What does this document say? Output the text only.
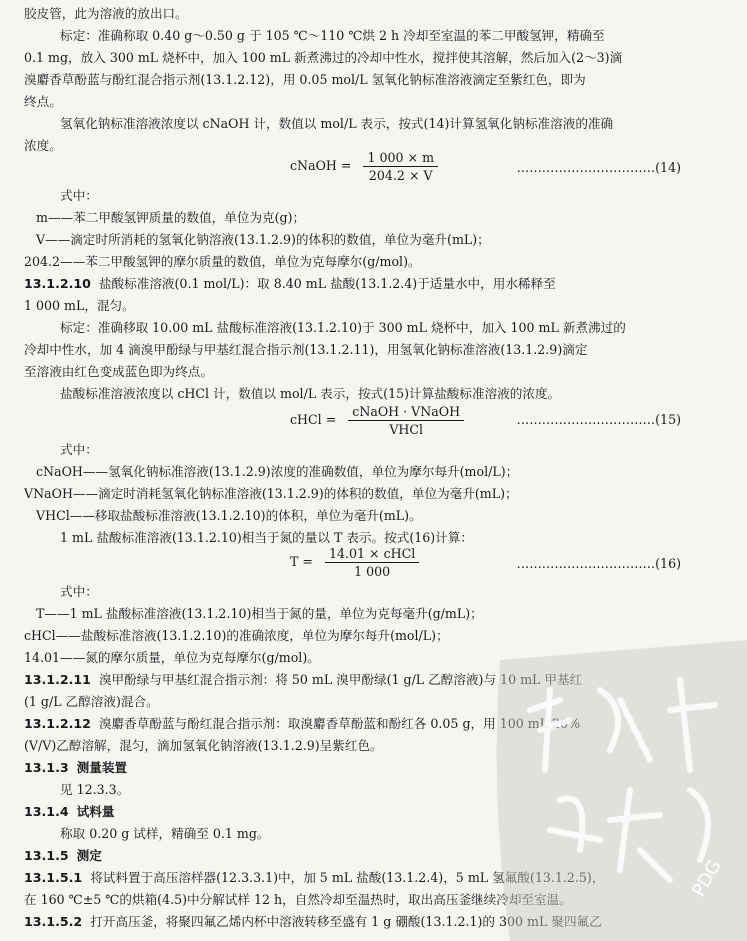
胶皮管，此为溶液的放出口。
标定：准确称取 0.40 g～0.50 g 于 105 ℃～110 ℃烘 2 h 冷却至室温的苯二甲酸氢钾，精确至
0.1 mg，放入 300 mL 烧杯中，加入 100 mL 新煮沸过的冷却中性水，搅拌使其溶解，然后加入(2～3)滴
溴麝香草酚蓝与酚红混合指示剂(13.1.2.12)，用 0.05 mol/L 氢氧化钠标准溶液滴定至紫红色，即为
终点。
氢氧化钠标准溶液浓度以 cNaOH 计，数值以 mol/L 表示，按式(14)计算氢氧化钠标准溶液的准确
浓度。
cNaOH = $\frac{1 000 \times m}{204.2 \times V}$	……………………………(14)
式中：
m——苯二甲酸氢钾质量的数值，单位为克(g)；
V——滴定时所消耗的氢氧化钠溶液(13.1.2.9)的体积的数值，单位为毫升(mL)；
204.2——苯二甲酸氢钾的摩尔质量的数值，单位为克每摩尔(g/mol)。
13.1.2.10 盐酸标准溶液(0.1 mol/L)：取 8.40 mL 盐酸(13.1.2.4)于适量水中，用水稀释至
1 000 mL，混匀。
标定：准确移取 10.00 mL 盐酸标准溶液(13.1.2.10)于 300 mL 烧杯中，加入 100 mL 新煮沸过的
冷却中性水，加 4 滴溴甲酚绿与甲基红混合指示剂(13.1.2.11)，用氢氧化钠标准溶液(13.1.2.9)滴定
至溶液由红色变成蓝色即为终点。
盐酸标准溶液浓度以 cHCl 计，数值以 mol/L 表示，按式(15)计算盐酸标准溶液的浓度。
cHCl = $\frac{\text{cNaOH · VNaOH}}{\text{VHCl}}$	……………………………(15)
式中：
cNaOH——氢氧化钠标准溶液(13.1.2.9)浓度的准确数值，单位为摩尔每升(mol/L)；
VNaOH——滴定时消耗氢氧化钠标准溶液(13.1.2.9)的体积的数值，单位为毫升(mL)；
VHCl——移取盐酸标准溶液(13.1.2.10)的体积，单位为毫升(mL)。
1 mL 盐酸标准溶液(13.1.2.10)相当于氮的量以 T 表示。按式(16)计算：
$T = \frac{\text{14.01 × cHCl}}{1 000}$	……………………………(16)
式中：
T——1 mL 盐酸标准溶液(13.1.2.10)相当于氮的量，单位为克每毫升(g/mL)；
cHCl——盐酸标准溶液(13.1.2.10)的准确浓度，单位为摩尔每升(mol/L)；
14.01——氮的摩尔质量，单位为克每摩尔(g/mol)。
13.1.2.11 溴甲酚绿与甲基红混合指示剂：将 50 mL 溴甲酚绿(1 g/L 乙醇溶液)与 10 mL 甲基红
(1 g/L 乙醇溶液)混合。
13.1.2.12 溴麝香草酚蓝与酚红混合指示剂：取溴麝香草酚蓝和酚红各 0.05 g，用 100 mL 20%
(V/V)乙醇溶解，混匀，滴加氢氧化钠溶液(13.1.2.9)呈紫红色。
13.1.3 测量装置
见 12.3.3。
13.1.4 试料量
称取 0.20 g 试样，精确至 0.1 mg。
13.1.5 测定
13.1.5.1 将试料置于高压溶样器(12.3.3.1)中，加 5 mL 盐酸(13.1.2.4)，5 mL 氢氟酸(13.1.2.5)，
在 160 ℃±5 ℃的烘箱(4.5)中分解试样 12 h，自然冷却至温热时，取出高压釜继续冷却至室温。
13.1.5.2 打开高压釜，将聚四氟乙烯内杯中溶液转移至盛有 1 g 硼酸(13.1.2.1)的 300 mL 聚四氟乙
PDG
